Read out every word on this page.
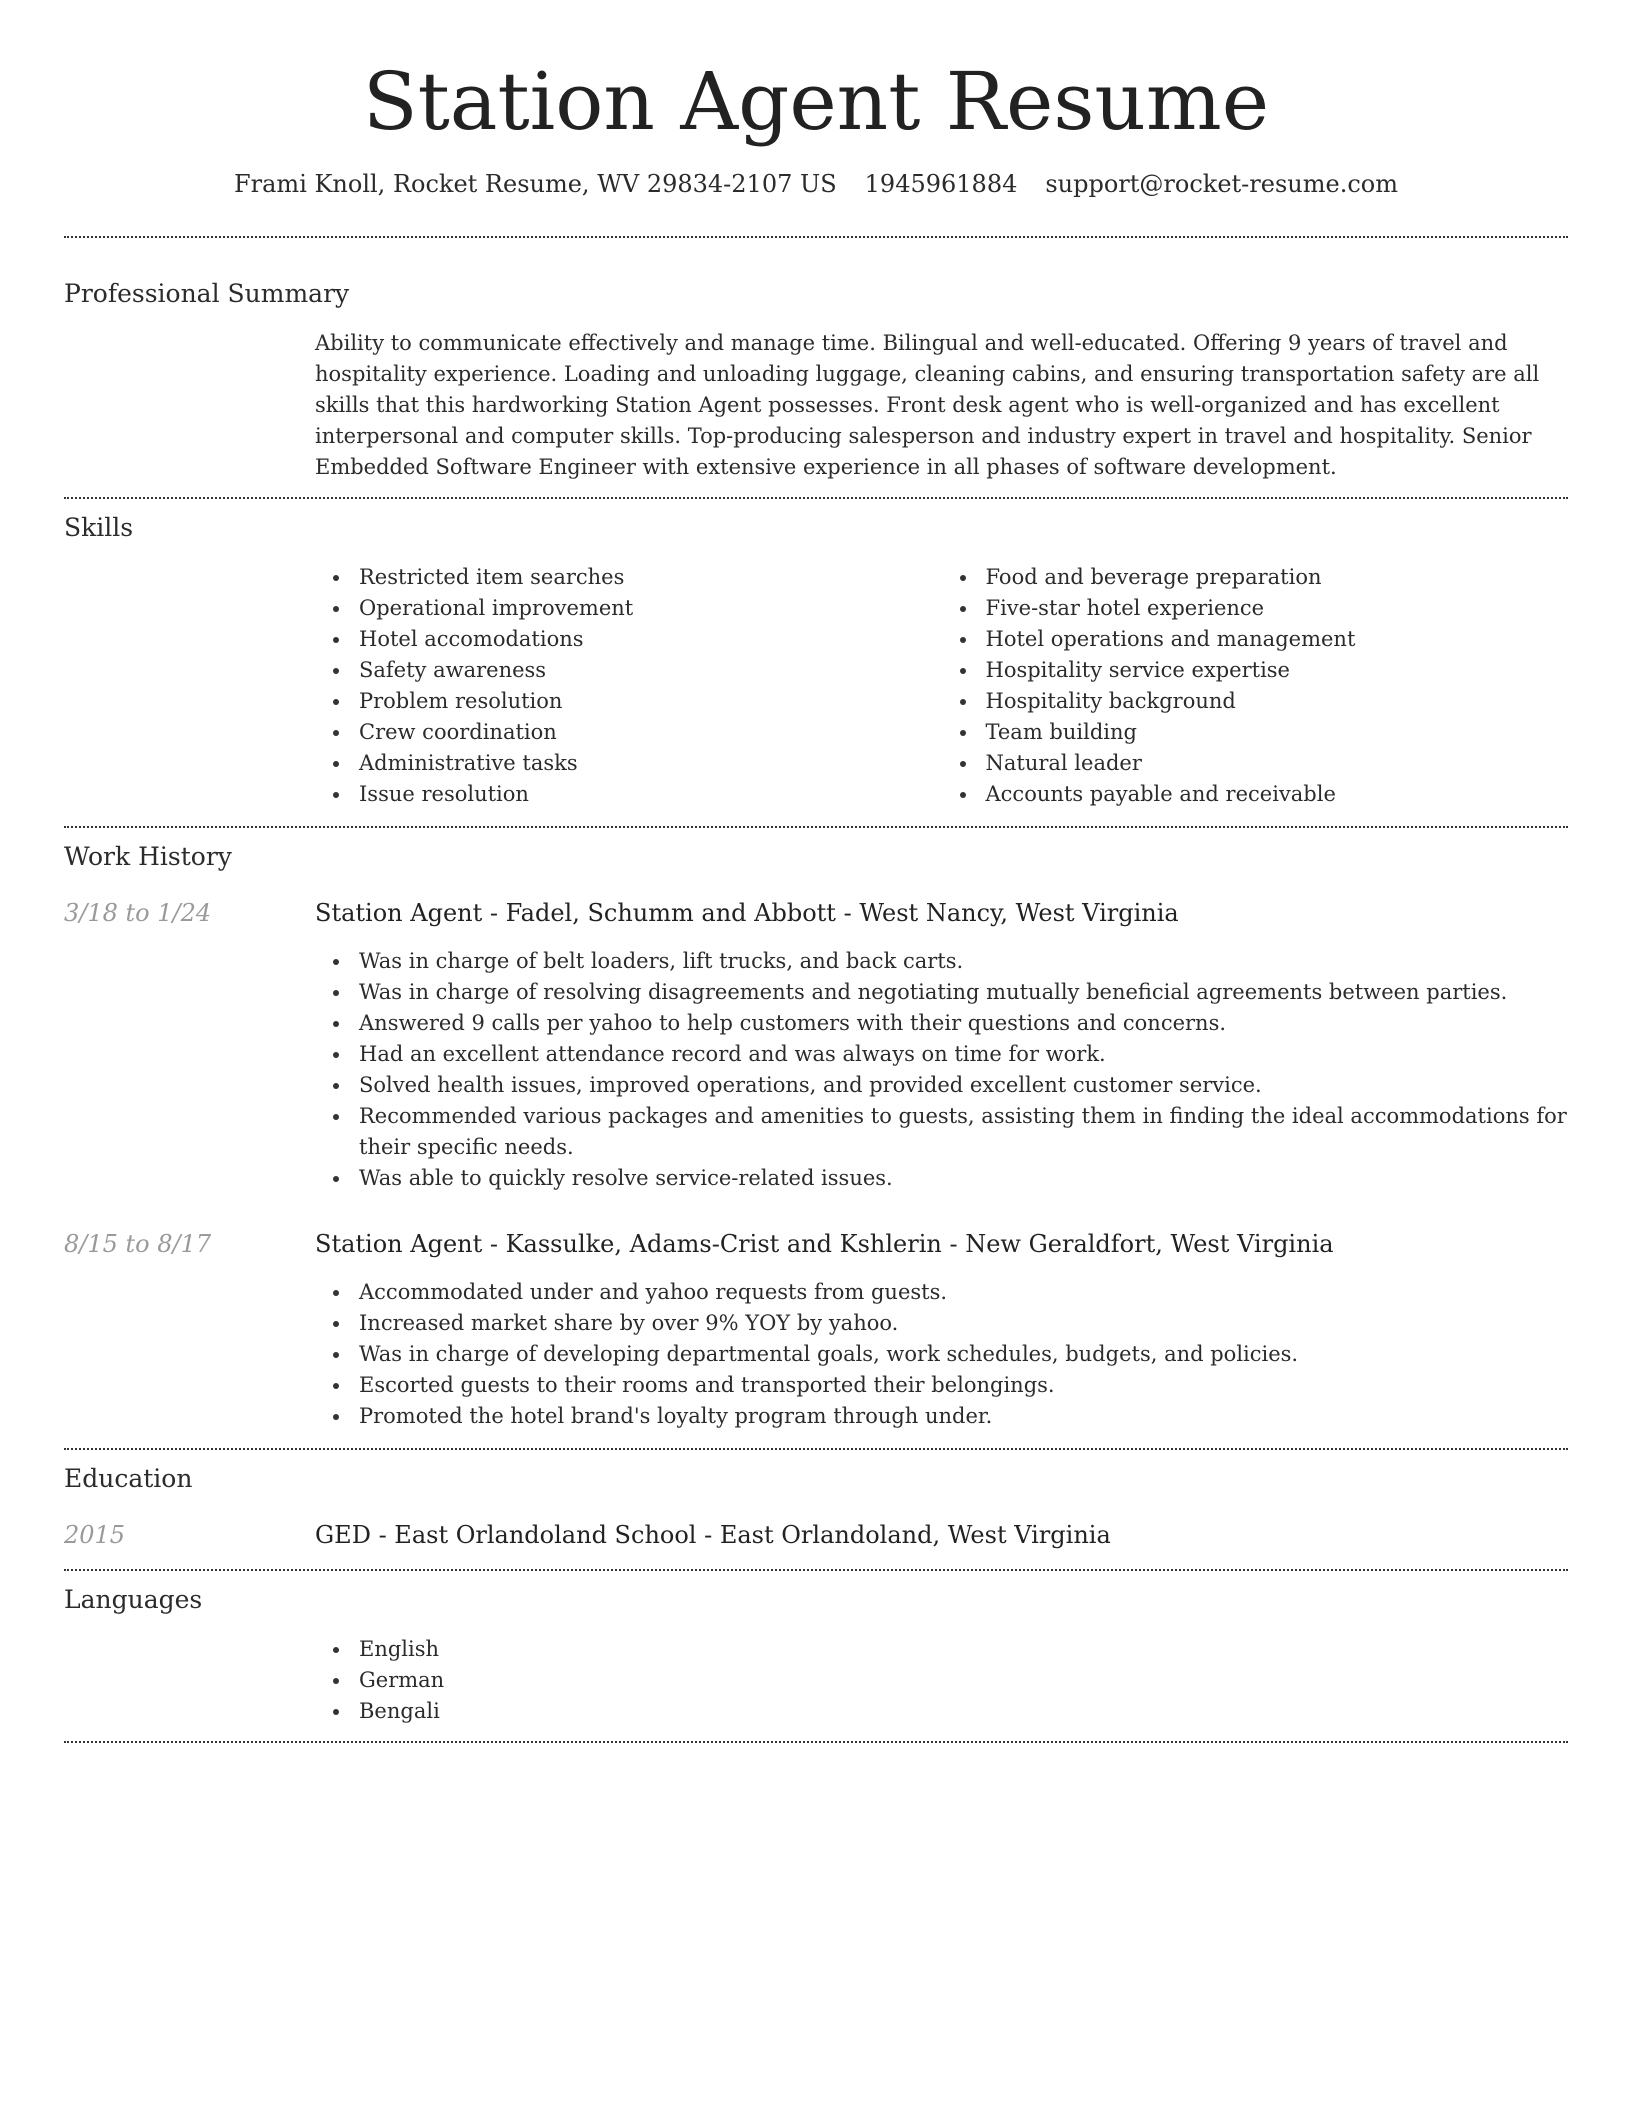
Station Agent Resume
Frami Knoll, Rocket Resume, WV 29834-2107 US 1945961884 support@rocket-resume.com
Professional Summary
Ability to communicate effectively and manage time. Bilingual and well-educated. Offering 9 years of travel and hospitality experience. Loading and unloading luggage, cleaning cabins, and ensuring transportation safety are all skills that this hardworking Station Agent possesses. Front desk agent who is well-organized and has excellent interpersonal and computer skills. Top-producing salesperson and industry expert in travel and hospitality. Senior Embedded Software Engineer with extensive experience in all phases of software development.
Skills
Restricted item searches
Operational improvement
Hotel accomodations
Safety awareness
Problem resolution
Crew coordination
Administrative tasks
Issue resolution
Food and beverage preparation
Five-star hotel experience
Hotel operations and management
Hospitality service expertise
Hospitality background
Team building
Natural leader
Accounts payable and receivable
Work History
3/18 to 1/24	Station Agent - Fadel, Schumm and Abbott - West Nancy, West Virginia
Was in charge of belt loaders, lift trucks, and back carts.
Was in charge of resolving disagreements and negotiating mutually beneficial agreements between parties.
Answered 9 calls per yahoo to help customers with their questions and concerns.
Had an excellent attendance record and was always on time for work.
Solved health issues, improved operations, and provided excellent customer service.
Recommended various packages and amenities to guests, assisting them in finding the ideal accommodations for their specific needs.
Was able to quickly resolve service-related issues.
8/15 to 8/17	Station Agent - Kassulke, Adams-Crist and Kshlerin - New Geraldfort, West Virginia
Accommodated under and yahoo requests from guests.
Increased market share by over 9% YOY by yahoo.
Was in charge of developing departmental goals, work schedules, budgets, and policies.
Escorted guests to their rooms and transported their belongings.
Promoted the hotel brand's loyalty program through under.
Education
2015	GED - East Orlandoland School - East Orlandoland, West Virginia
Languages
English
German
Bengali
